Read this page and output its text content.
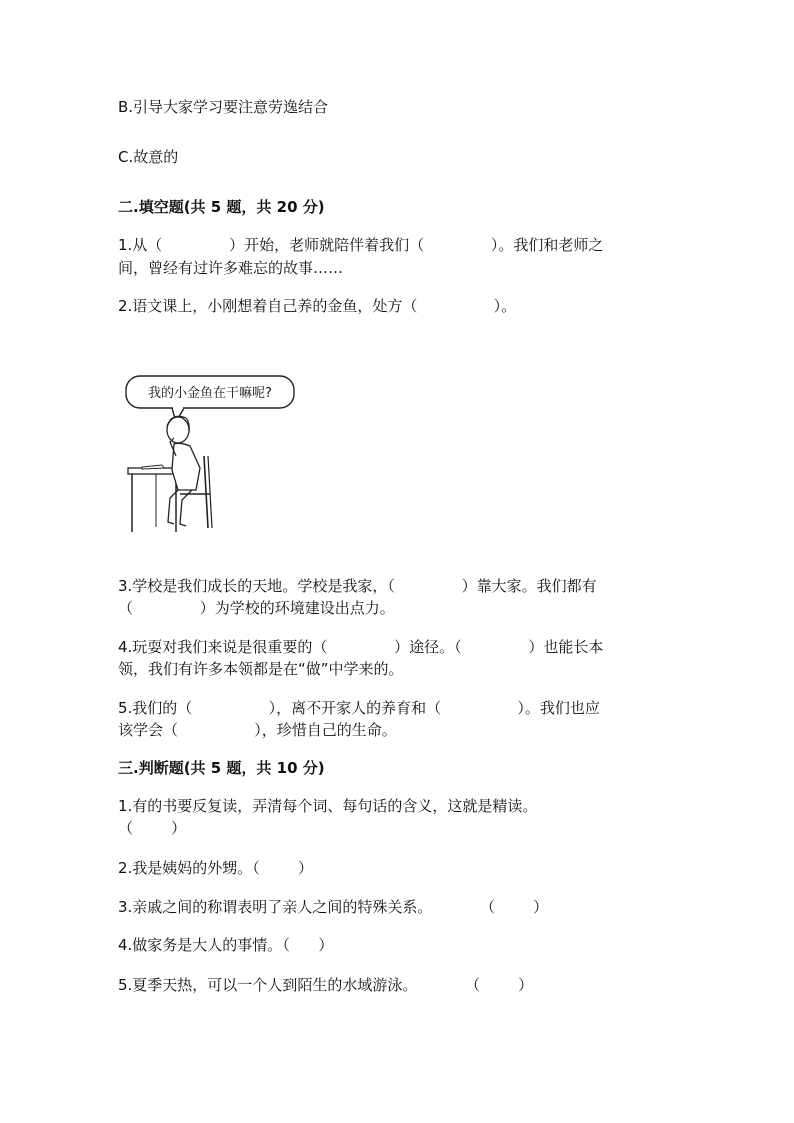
B.引导大家学习要注意劳逸结合
C.故意的
二.填空题(共 5 题，共 20 分)
1.从（              ）开始，老师就陪伴着我们（              ）。我们和老师之
间，曾经有过许多难忘的故事……
2.语文课上，小刚想着自己养的金鱼，处方（                ）。
我的小金鱼在干嘛呢?
3.学校是我们成长的天地。学校是我家，（              ）靠大家。我们都有
（              ）为学校的环境建设出点力。
4.玩耍对我们来说是很重要的（              ）途径。（              ）也能长本
领，我们有许多本领都是在“做”中学来的。
5.我们的（                ），离不开家人的养育和（                ）。我们也应
该学会（                ），珍惜自己的生命。
三.判断题(共 5 题，共 10 分)
1.有的书要反复读，弄清每个词、每句话的含义，这就是精读。
（        ）
2.我是姨妈的外甥。（        ）
3.亲戚之间的称谓表明了亲人之间的特殊关系。          （        ）
4.做家务是大人的事情。（      ）
5.夏季天热，可以一个人到陌生的水域游泳。          （        ）
